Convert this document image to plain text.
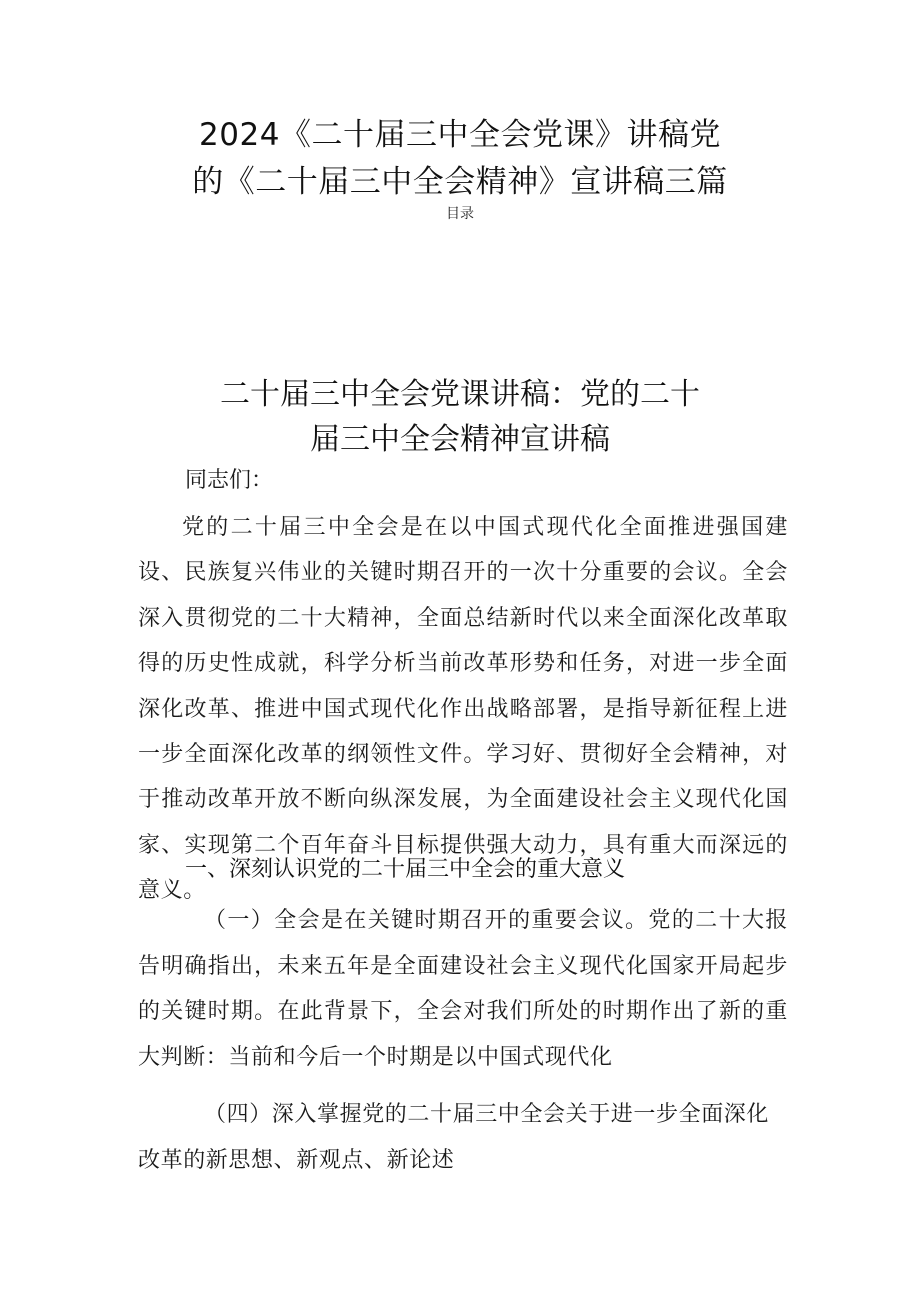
2024《二十届三中全会党课》讲稿党
的《二十届三中全会精神》宣讲稿三篇
目录
二十届三中全会党课讲稿：党的二十
届三中全会精神宣讲稿

同志们：

党的二十届三中全会是在以中国式现代化全面推进强国建设、民族复兴伟业的关键时期召开的一次十分重要的会议。全会深入贯彻党的二十大精神，全面总结新时代以来全面深化改革取得的历史性成就，科学分析当前改革形势和任务，对进一步全面深化改革、推进中国式现代化作出战略部署，是指导新征程上进一步全面深化改革的纲领性文件。学习好、贯彻好全会精神，对于推动改革开放不断向纵深发展，为全面建设社会主义现代化国家、实现第二个百年奋斗目标提供强大动力，具有重大而深远的意义。

一、深刻认识党的二十届三中全会的重大意义

（一）全会是在关键时期召开的重要会议。党的二十大报告明确指出，未来五年是全面建设社会主义现代化国家开局起步的关键时期。在此背景下，全会对我们所处的时期作出了新的重大判断：当前和今后一个时期是以中国式现代化

（四）深入掌握党的二十届三中全会关于进一步全面深化改革的新思想、新观点、新论述
